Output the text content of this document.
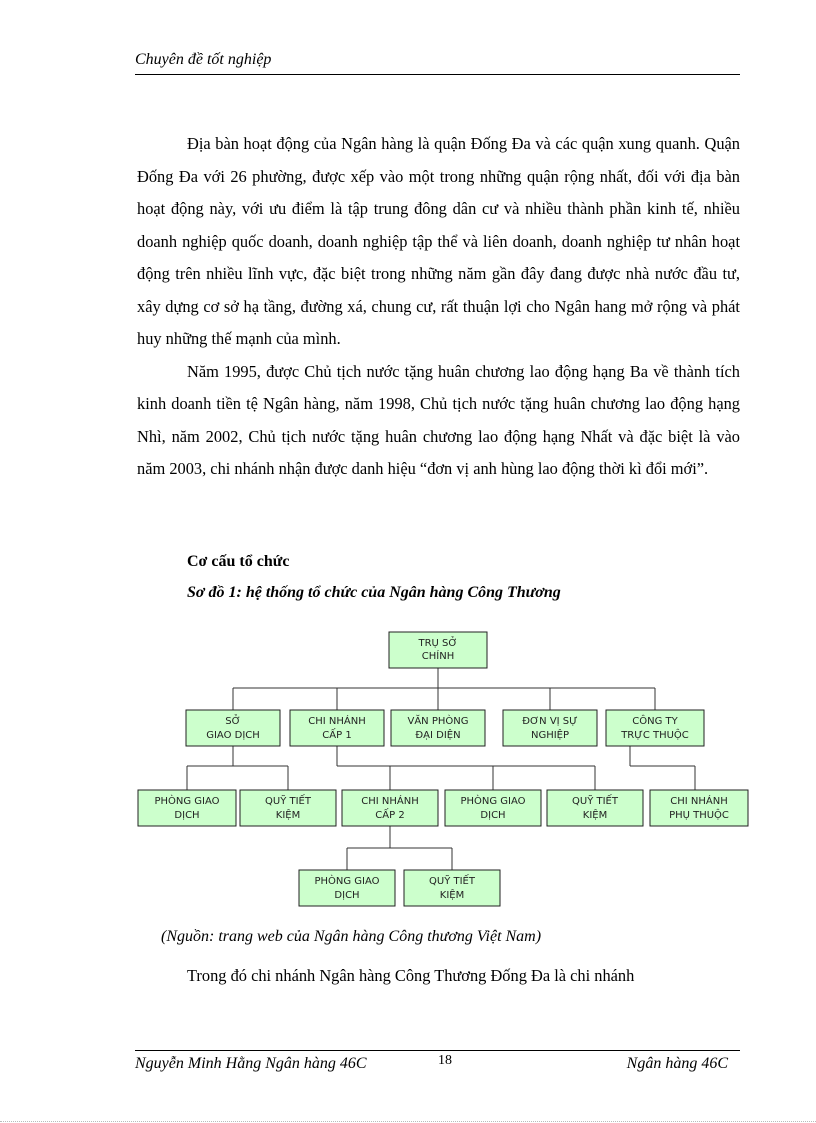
Chuyên đề tốt nghiệp

Địa bàn hoạt động của Ngân hàng là quận Đống Đa và các quận xung quanh. Quận Đống Đa với 26 phường, được xếp vào một trong những quận rộng nhất, đối với địa bàn hoạt động này, với ưu điểm là tập trung đông dân cư và nhiều thành phần kinh tế, nhiều doanh nghiệp quốc doanh, doanh nghiệp tập thể và liên doanh, doanh nghiệp tư nhân hoạt động trên nhiều lĩnh vực, đặc biệt trong những năm gần đây đang được nhà nước đầu tư, xây dựng cơ sở hạ tầng, đường xá, chung cư, rất thuận lợi cho Ngân hang mở rộng và phát huy những thế mạnh của mình.

Năm 1995, được Chủ tịch nước tặng huân chương lao động hạng Ba về thành tích kinh doanh tiền tệ Ngân hàng, năm 1998, Chủ tịch nước tặng huân chương lao động hạng Nhì, năm 2002, Chủ tịch nước tặng huân chương lao động hạng Nhất và đặc biệt là vào năm 2003, chi nhánh nhận được danh hiệu “đơn vị anh hùng lao động thời kì đổi mới”.

Cơ cấu tổ chức
Sơ đồ 1: hệ thống tổ chức của Ngân hàng Công Thương
TRỤ SỞ
CHÍNH
SỞ
GIAO DỊCH
CHI NHÁNH
CẤP 1
VĂN PHÒNG
ĐẠI DIỆN
ĐƠN VỊ SỰ
NGHIỆP
CÔNG TY
TRỰC THUỘC
PHÒNG GIAO
DỊCH
QUỸ TIẾT
KIỆM
CHI NHÁNH
CẤP 2
PHÒNG GIAO
DỊCH
QUỸ TIẾT
KIỆM
CHI NHÁNH
PHỤ THUỘC
PHÒNG GIAO
DỊCH
QUỸ TIẾT
KIỆM
(Nguồn: trang web của Ngân hàng Công thương Việt Nam)
Trong đó chi nhánh Ngân hàng Công Thương Đống Đa là chi nhánh
Nguyễn Minh Hằng Ngân hàng 46C	18	Ngân hàng 46C
